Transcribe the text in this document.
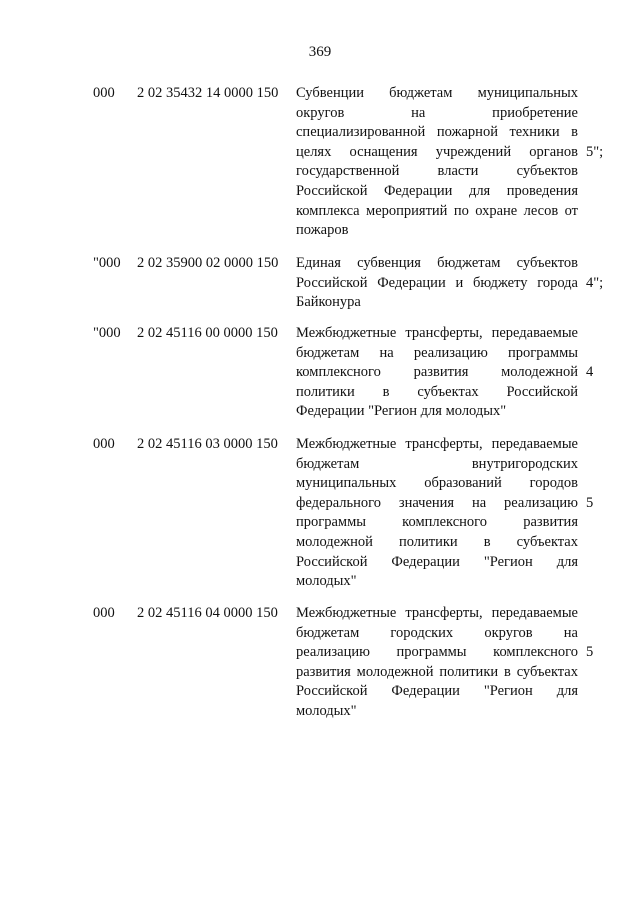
369
000 2 02 35432 14 0000 150 Субвенции бюджетам муниципальных
округов на приобретение
специализированной пожарной техники в
целях оснащения учреждений органов
государственной власти субъектов
Российской Федерации для проведения
комплекса мероприятий по охране лесов от
пожаров
5";
"000 2 02 35900 02 0000 150 Единая субвенция бюджетам субъектов
Российской Федерации и бюджету города
Байконура
4";
"000 2 02 45116 00 0000 150 Межбюджетные трансферты, передаваемые
бюджетам на реализацию программы
комплексного развития молодежной
политики в субъектах Российской
Федерации "Регион для молодых"
4
000 2 02 45116 03 0000 150 Межбюджетные трансферты, передаваемые
бюджетам внутригородских
муниципальных образований городов
федерального значения на реализацию
программы комплексного развития
молодежной политики в субъектах
Российской Федерации "Регион для
молодых"
5
000 2 02 45116 04 0000 150 Межбюджетные трансферты, передаваемые
бюджетам городских округов на
реализацию программы комплексного
развития молодежной политики в субъектах
Российской Федерации "Регион для
молодых"
5
